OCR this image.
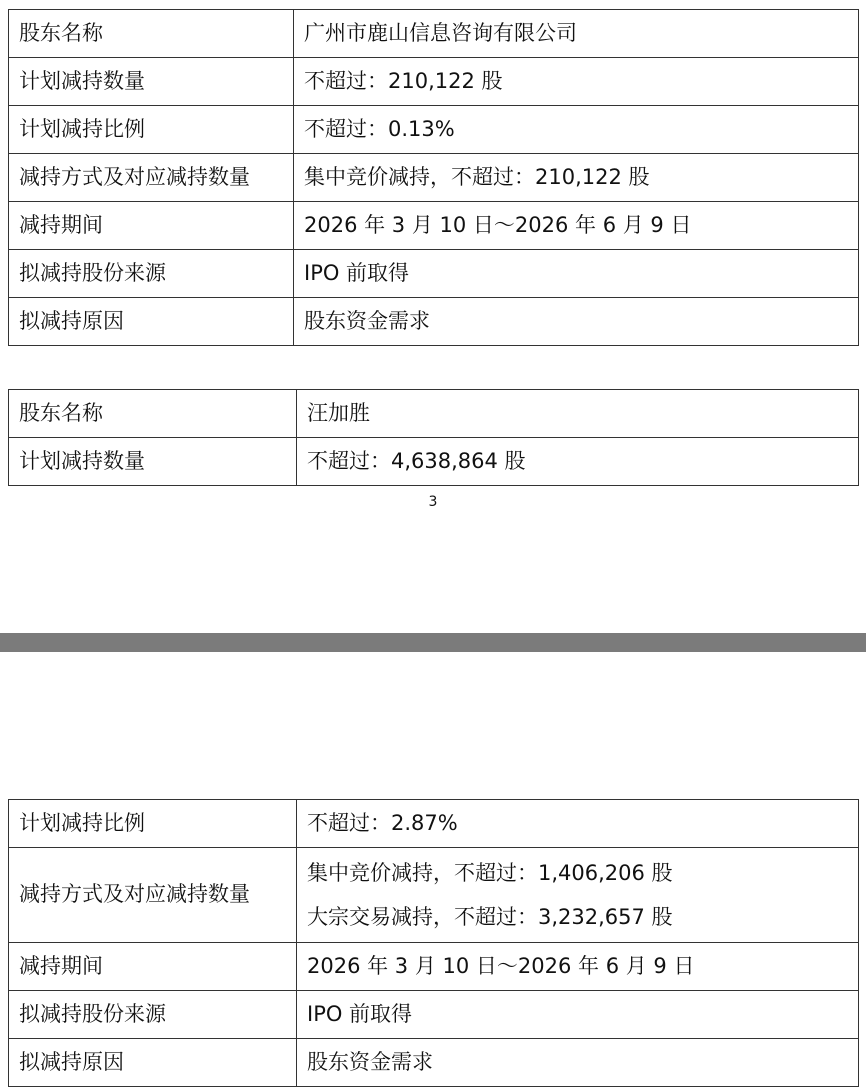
股东名称	广州市鹿山信息咨询有限公司
计划减持数量	不超过：210,122 股
计划减持比例	不超过：0.13%
减持方式及对应减持数量	集中竞价减持，不超过：210,122 股
减持期间	2026 年 3 月 10 日～2026 年 6 月 9 日
拟减持股份来源	IPO 前取得
拟减持原因	股东资金需求
股东名称	汪加胜
计划减持数量	不超过：4,638,864 股
3
计划减持比例	不超过：2.87%
减持方式及对应减持数量	集中竞价减持，不超过：1,406,206 股
大宗交易减持，不超过：3,232,657 股

减持期间	2026 年 3 月 10 日～2026 年 6 月 9 日
拟减持股份来源	IPO 前取得
拟减持原因	股东资金需求
